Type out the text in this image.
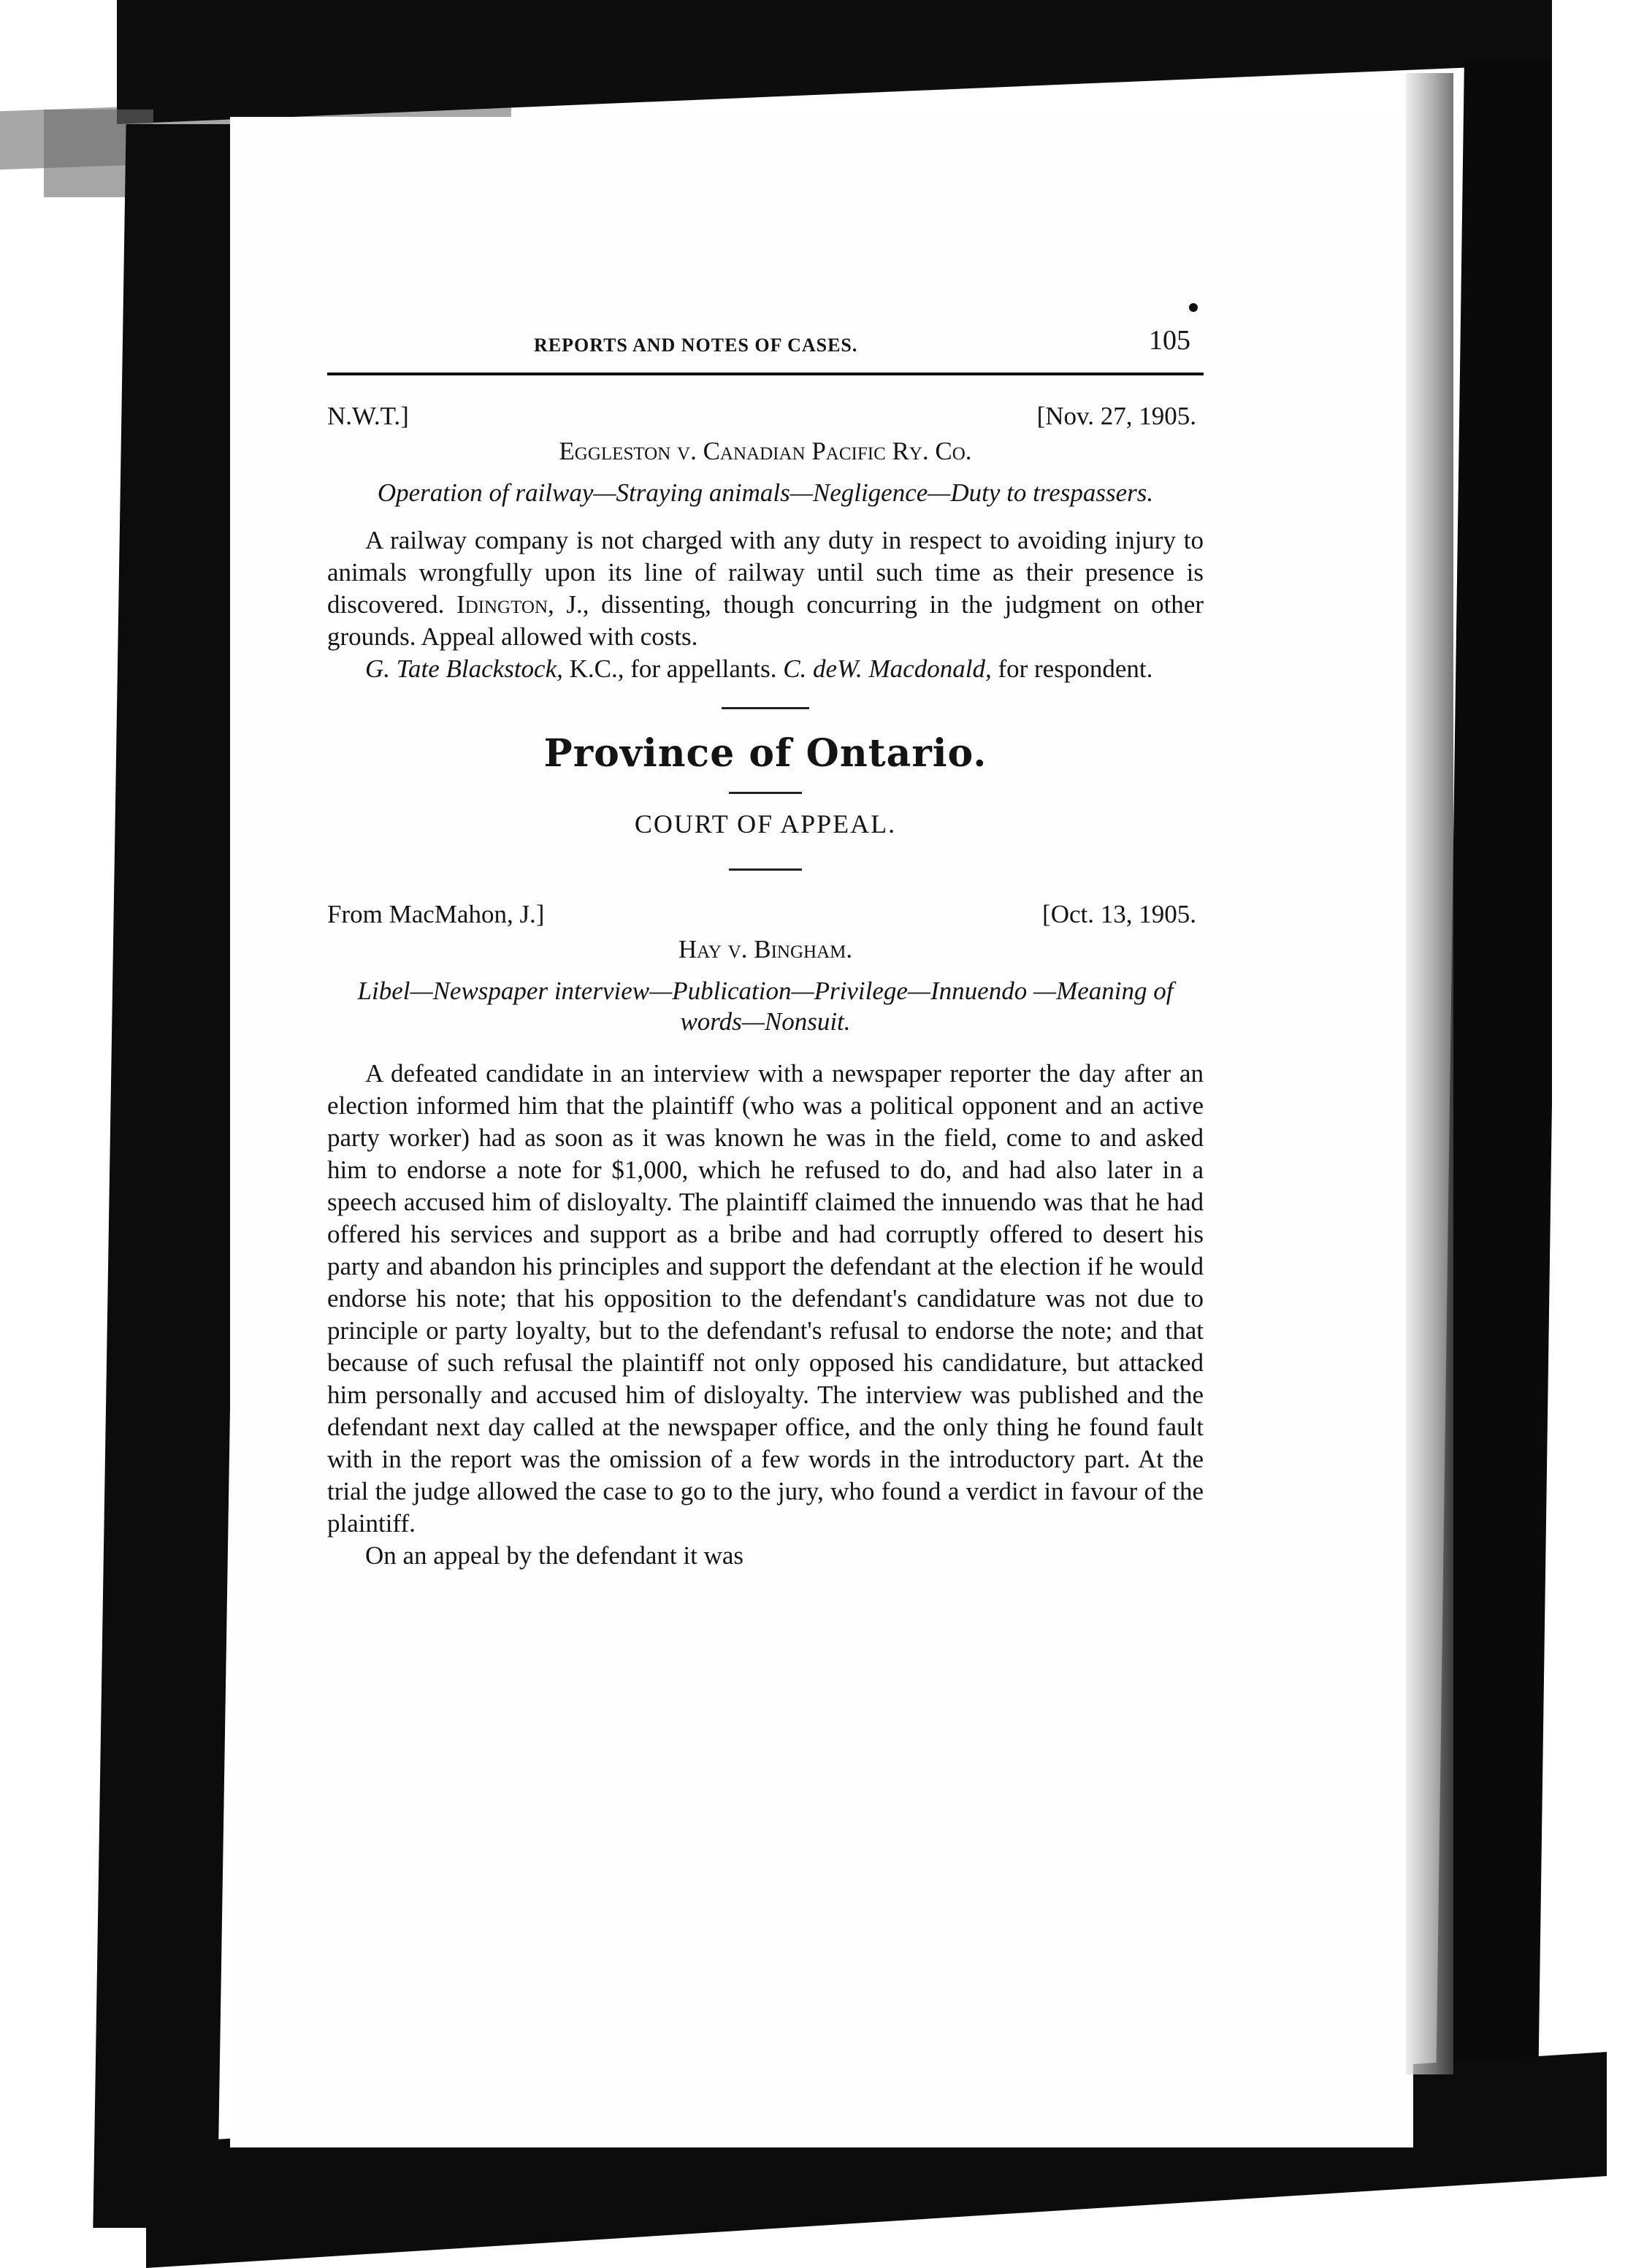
REPORTS AND NOTES OF CASES.	105
N.W.T.]	[Nov. 27, 1905.
Eggleston v. Canadian Pacific Ry. Co.
Operation of railway—Straying animals—Negligence—Duty to trespassers.
A railway company is not charged with any duty in respect to avoiding injury to animals wrongfully upon its line of railway until such time as their presence is discovered. Idington, J., dissenting, though concurring in the judgment on other grounds. Appeal allowed with costs.
G. Tate Blackstock, K.C., for appellants. C. deW. Macdonald, for respondent.
Province of Ontario.
COURT OF APPEAL.
From MacMahon, J.]	[Oct. 13, 1905.
Hay v. Bingham.
Libel—Newspaper interview—Publication—Privilege—Innuendo —Meaning of words—Nonsuit.
A defeated candidate in an interview with a newspaper reporter the day after an election informed him that the plaintiff (who was a political opponent and an active party worker) had as soon as it was known he was in the field, come to and asked him to endorse a note for $1,000, which he refused to do, and had also later in a speech accused him of disloyalty. The plaintiff claimed the innuendo was that he had offered his services and support as a bribe and had corruptly offered to desert his party and abandon his principles and support the defendant at the election if he would endorse his note; that his opposition to the defendant's candidature was not due to principle or party loyalty, but to the defendant's refusal to endorse the note; and that because of such refusal the plaintiff not only opposed his candidature, but attacked him personally and accused him of disloyalty. The interview was published and the defendant next day called at the newspaper office, and the only thing he found fault with in the report was the omission of a few words in the introductory part. At the trial the judge allowed the case to go to the jury, who found a verdict in favour of the plaintiff.
On an appeal by the defendant it was
